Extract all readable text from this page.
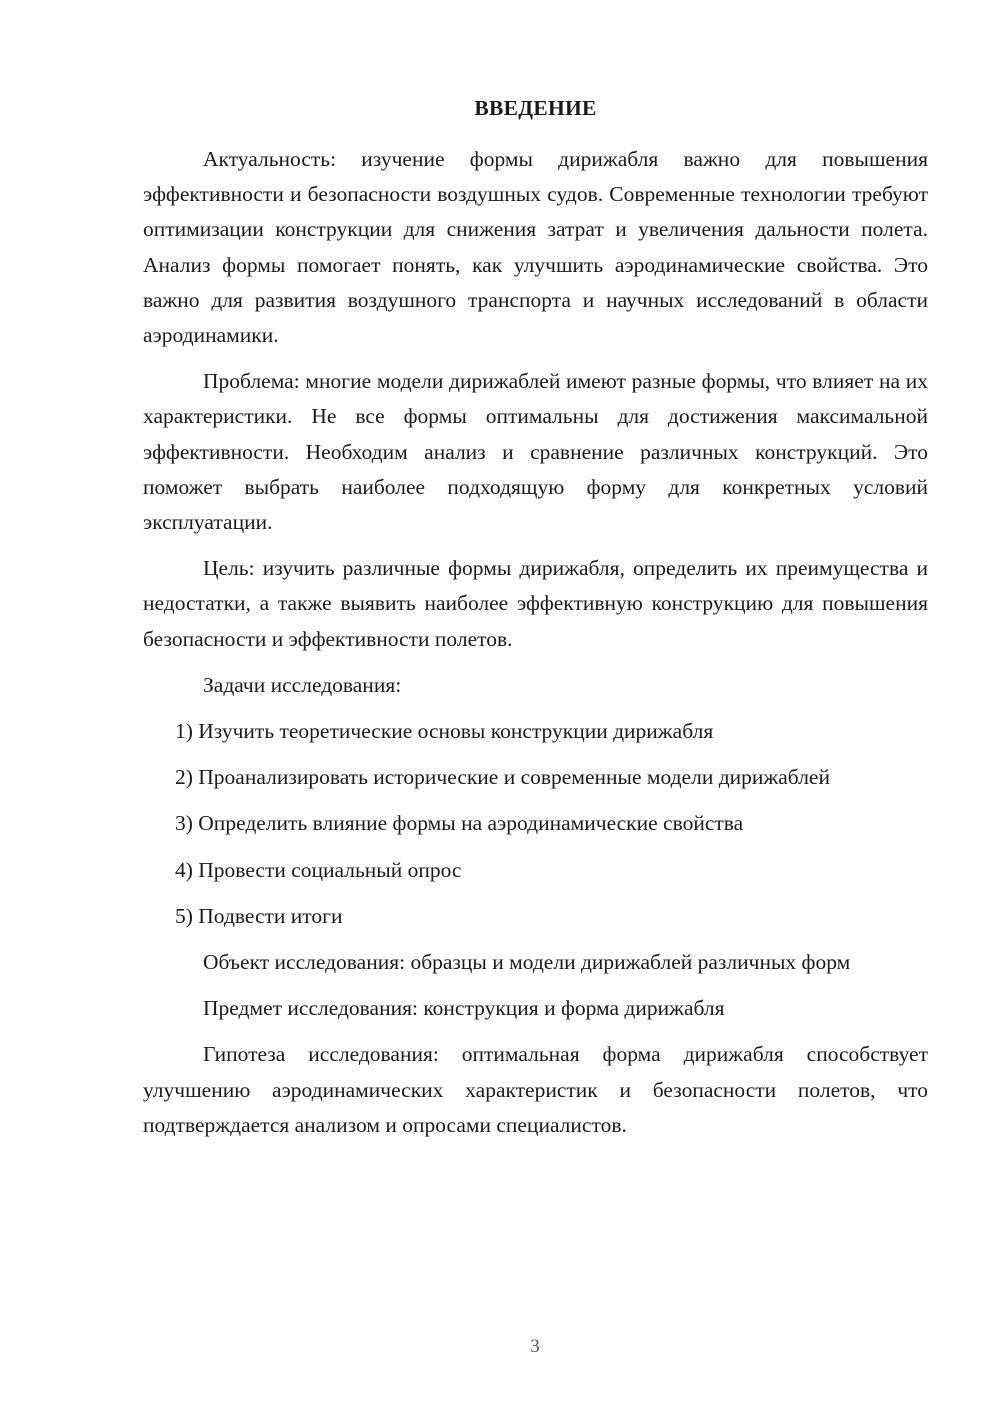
ВВЕДЕНИЕ

Актуальность: изучение формы дирижабля важно для повышения эффективности и безопасности воздушных судов. Современные технологии требуют оптимизации конструкции для снижения затрат и увеличения дальности полета. Анализ формы помогает понять, как улучшить аэродинамические свойства. Это важно для развития воздушного транспорта и научных исследований в области аэродинамики.

Проблема: многие модели дирижаблей имеют разные формы, что влияет на их характеристики. Не все формы оптимальны для достижения максимальной эффективности. Необходим анализ и сравнение различных конструкций. Это поможет выбрать наиболее подходящую форму для конкретных условий эксплуатации.

Цель: изучить различные формы дирижабля, определить их преимущества и недостатки, а также выявить наиболее эффективную конструкцию для повышения безопасности и эффективности полетов.

Задачи исследования:

1) Изучить теоретические основы конструкции дирижабля

2) Проанализировать исторические и современные модели дирижаблей

3) Определить влияние формы на аэродинамические свойства

4) Провести социальный опрос

5) Подвести итоги

Объект исследования: образцы и модели дирижаблей различных форм

Предмет исследования: конструкция и форма дирижабля

Гипотеза исследования: оптимальная форма дирижабля способствует улучшению аэродинамических характеристик и безопасности полетов, что подтверждается анализом и опросами специалистов.

3
